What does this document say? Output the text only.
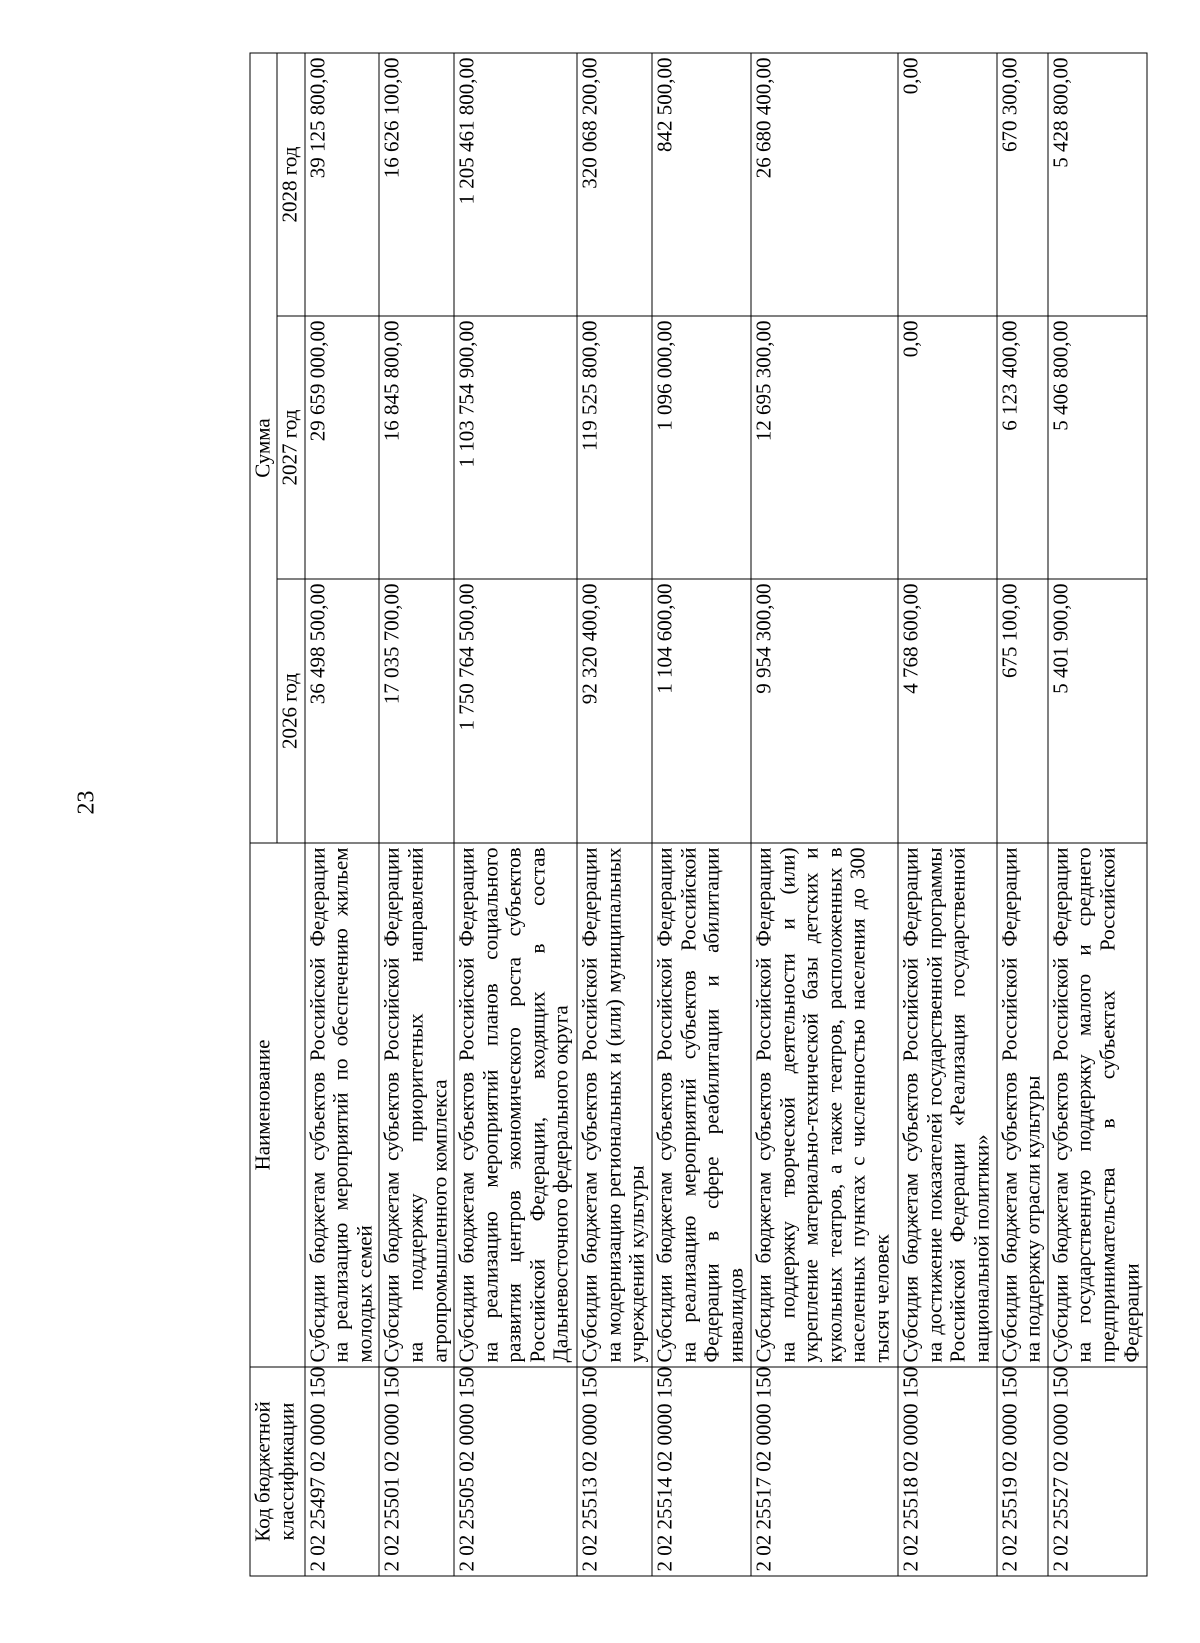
23
Код бюджетной классификации	Наименование	Сумма		
		2026 год	2027 год	2028 год
2 02 25497 02 0000 150	Субсидии бюджетам субъектов Российской Федерации на реализацию мероприятий по обеспечению жильем молодых семей	36 498 500,00	29 659 000,00	39 125 800,00
2 02 25501 02 0000 150	Субсидии бюджетам субъектов Российской Федерации на поддержку приоритетных направлений агропромышленного комплекса	17 035 700,00	16 845 800,00	16 626 100,00
2 02 25505 02 0000 150	Субсидии бюджетам субъектов Российской Федерации на реализацию мероприятий планов социального развития центров экономического роста субъектов Российской Федерации, входящих в состав Дальневосточного федерального округа	1 750 764 500,00	1 103 754 900,00	1 205 461 800,00
2 02 25513 02 0000 150	Субсидии бюджетам субъектов Российской Федерации на модернизацию региональных и (или) муниципальных учреждений культуры	92 320 400,00	119 525 800,00	320 068 200,00
2 02 25514 02 0000 150	Субсидии бюджетам субъектов Российской Федерации на реализацию мероприятий субъектов Российской Федерации в сфере реабилитации и абилитации инвалидов	1 104 600,00	1 096 000,00	842 500,00
2 02 25517 02 0000 150	Субсидии бюджетам субъектов Российской Федерации на поддержку творческой деятельности и (или) укрепление материально-технической базы детских и кукольных театров, а также театров, расположенных в населенных пунктах с численностью населения до 300 тысяч человек	9 954 300,00	12 695 300,00	26 680 400,00
2 02 25518 02 0000 150	Субсидия бюджетам субъектов Российской Федерации на достижение показателей государственной программы Российской Федерации «Реализация государственной национальной политики»	4 768 600,00	0,00	0,00
2 02 25519 02 0000 150	Субсидии бюджетам субъектов Российской Федерации на поддержку отрасли культуры	675 100,00	6 123 400,00	670 300,00
2 02 25527 02 0000 150	Субсидии бюджетам субъектов Российской Федерации на государственную поддержку малого и среднего предпринимательства в субъектах Российской Федерации	5 401 900,00	5 406 800,00	5 428 800,00
